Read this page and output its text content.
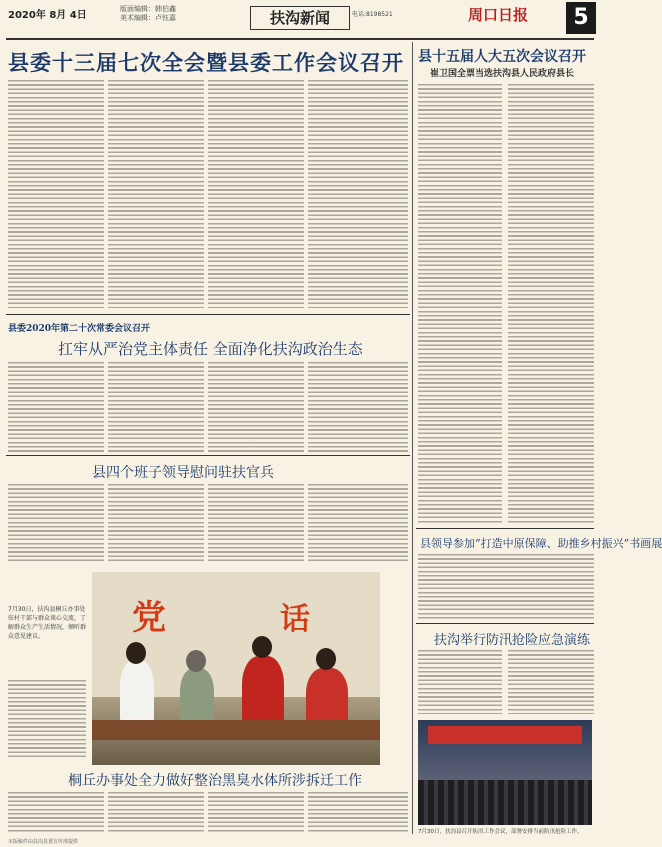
2020年 8月 4日
版面编辑：韩伯鑫
美术编辑：卢钰嘉	扶沟新闻	电话:8198521	周口日报	5
县委十三届七次全会暨县委工作会议召开 县十五届人大五次会议召开
崔卫国全票当选扶沟县人民政府县长
县委2020年第二十次常委会议召开
扛牢从严治党主体责任 全面净化扶沟政治生态
县四个班子领导慰问驻扶官兵
党	话
7月30日，扶沟县桐丘办事处驻村干部与群众谈心交流，了解群众生产生活情况，倾听群众意见建议。
桐丘办事处全力做好整治黑臭水体所涉拆迁工作
县领导参加“打造中原保障、助推乡村振兴”书画展
扶沟举行防汛抢险应急演练
7月30日，扶沟县召开防汛工作会议，部署安排当前防汛抢险工作。
本版稿件由扶沟县委宣传部提供
